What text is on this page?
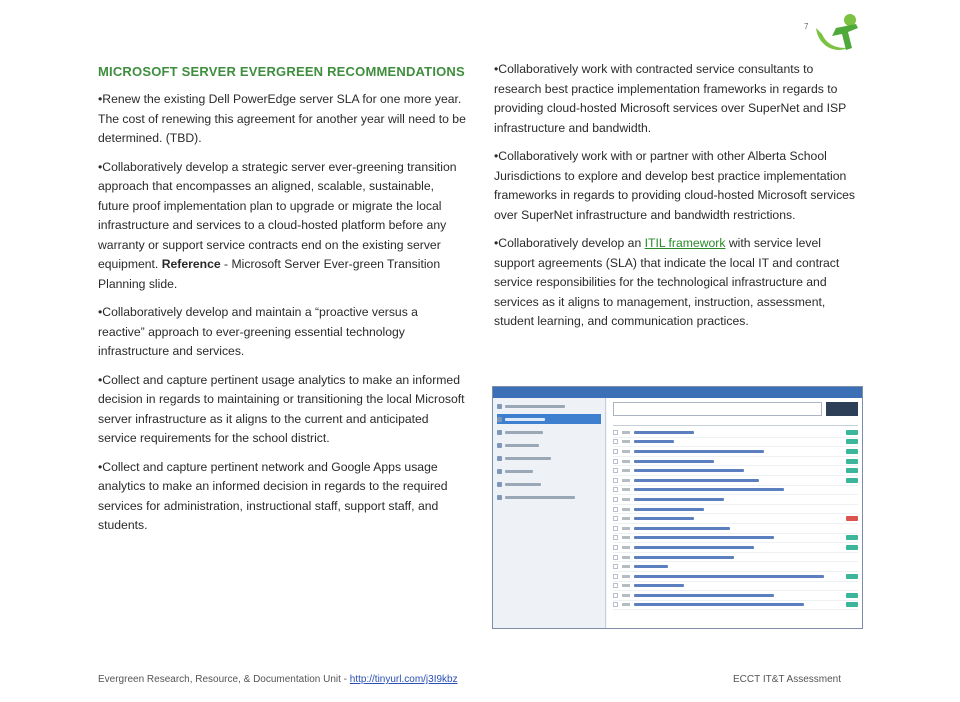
7
MICROSOFT SERVER EVERGREEN RECOMMENDATIONS

•Renew the existing Dell PowerEdge server SLA for one more year. The cost of renewing this agreement for another year will need to be determined. (TBD).

•Collaboratively develop a strategic server ever-greening transition approach that encompasses an aligned, scalable, sustainable, future proof implementation plan to upgrade or migrate the local infrastructure and services to a cloud-hosted platform before any warranty or support service contracts end on the existing server equipment. Reference - Microsoft Server Ever-green Transition Planning slide.

•Collaboratively develop and maintain a “proactive versus a reactive” approach to ever-greening essential technology infrastructure and services.

•Collect and capture pertinent usage analytics to make an informed decision in regards to maintaining or transitioning the local Microsoft server infrastructure as it aligns to the current and anticipated service requirements for the school district.

•Collect and capture pertinent network and Google Apps usage analytics to make an informed decision in regards to the required services for administration, instructional staff, support staff, and students.

•Collaboratively work with contracted service consultants to research best practice implementation frameworks in regards to providing cloud-hosted Microsoft services over SuperNet and ISP infrastructure and bandwidth.

•Collaboratively work with or partner with other Alberta School Jurisdictions to explore and develop best practice implementation frameworks in regards to providing cloud-hosted Microsoft services over SuperNet infrastructure and bandwidth restrictions.

•Collaboratively develop an ITIL framework with service level support agreements (SLA) that indicate the local IT and contract service responsibilities for the technological infrastructure and services as it aligns to management, instruction, assessment, student learning, and communication practices.

Evergreen Research, Resource, & Documentation Unit - http://tinyurl.com/j3I9kbz	ECCT IT&T Assessment
